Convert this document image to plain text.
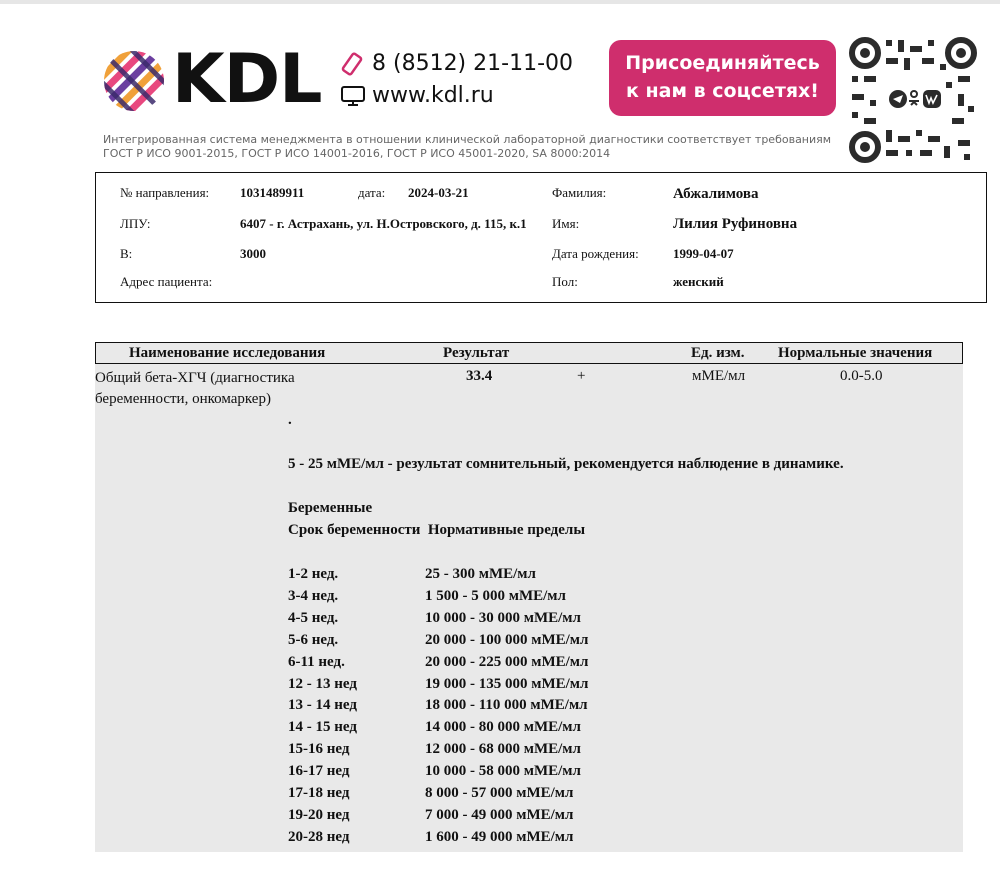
KDL 8 (8512) 21-11-00
www.kdl.ru
Присоединяйтесь
к нам в соцсетях!
Интегрированная система менеджмента в отношении клинической лабораторной диагностики соответствует требованиям ГОСТ Р ИСО 9001-2015, ГОСТ Р ИСО 14001-2016, ГОСТ Р ИСО 45001-2020, SA 8000:2014
№ направления: 1031489911	дата: 2024-03-21
ЛПУ:	6407 - г. Астрахань, ул. Н.Островского, д. 115, к.1
В:	3000
Адрес пациента:
Фамилия:	Абжалимова
Имя:	Лилия Руфиновна
Дата рождения:	1999-04-07
Пол:	женский
Наименование исследования	Результат	Ед. изм. Нормальные значения
Общий бета-ХГЧ (диагностика беременности, онкомаркер)
33.4	+	мМЕ/мл	0.0-5.0
.
5 - 25 мМЕ/мл - результат сомнительный, рекомендуется наблюдение в динамике.
Беременные
Срок беременности  Нормативные пределы
1-2 нед.	25 - 300 мМЕ/мл
3-4 нед.	1 500 - 5 000 мМЕ/мл
4-5 нед.	10 000 - 30 000 мМЕ/мл
5-6 нед.	20 000 - 100 000 мМЕ/мл
6-11 нед.	20 000 - 225 000 мМЕ/мл
12 - 13 нед	19 000 - 135 000 мМЕ/мл
13 - 14 нед	18 000 - 110 000 мМЕ/мл
14 - 15 нед	14 000 - 80 000 мМЕ/мл
15-16 нед	12 000 - 68 000 мМЕ/мл
16-17 нед	10 000 - 58 000 мМЕ/мл
17-18 нед	8 000 - 57 000 мМЕ/мл
19-20 нед	7 000 - 49 000 мМЕ/мл
20-28 нед	1 600 - 49 000 мМЕ/мл
